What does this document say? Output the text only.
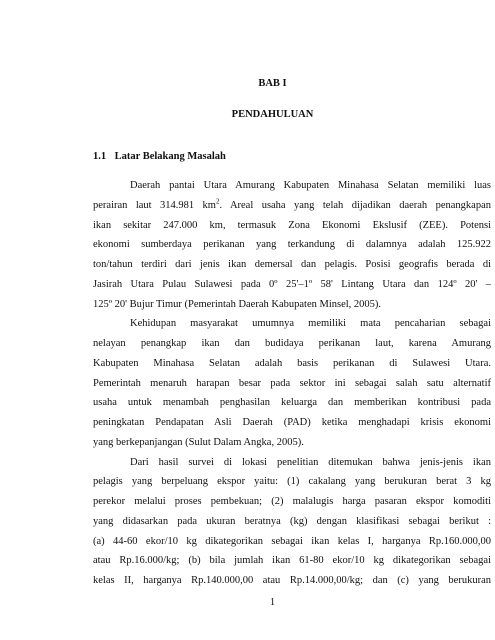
BAB I
PENDAHULUAN
1.1 Latar Belakang Masalah
Daerah pantai Utara Amurang Kabupaten Minahasa Selatan memiliki luas
perairan laut 314.981 $km^2$. Areal usaha yang telah dijadikan daerah penangkapan
ikan sekitar 247.000 km, termasuk Zona Ekonomi Ekslusif (ZEE). Potensi
ekonomi sumberdaya perikanan yang terkandung di dalamnya adalah 125.922
ton/tahun terdiri dari jenis ikan demersal dan pelagis. Posisi geografis berada di
Jasirah Utara Pulau Sulawesi pada 0º 25'–1º 58' Lintang Utara dan 124º 20' –
125º 20' Bujur Timur (Pemerintah Daerah Kabupaten Minsel, 2005).
Kehidupan masyarakat umumnya memiliki mata pencaharian sebagai
nelayan penangkap ikan dan budidaya perikanan laut, karena Amurang
Kabupaten Minahasa Selatan adalah basis perikanan di Sulawesi Utara.
Pemerintah menaruh harapan besar pada sektor ini sebagai salah satu alternatif
usaha untuk menambah penghasilan keluarga dan memberikan kontribusi pada
peningkatan Pendapatan Asli Daerah (PAD) ketika menghadapi krisis ekonomi
yang berkepanjangan (Sulut Dalam Angka, 2005).
Dari hasil survei di lokasi penelitian ditemukan bahwa jenis-jenis ikan
pelagis yang berpeluang ekspor yaitu: (1) cakalang yang berukuran berat 3 kg
perekor melalui proses pembekuan; (2) malalugis harga pasaran ekspor komoditi
yang didasarkan pada ukuran beratnya (kg) dengan klasifikasi sebagai berikut :
(a) 44-60 ekor/10 kg dikategorikan sebagai ikan kelas I, harganya Rp.160.000,00
atau Rp.16.000/kg; (b) bila jumlah ikan 61-80 ekor/10 kg dikategorikan sebagai
kelas II, harganya Rp.140.000,00 atau Rp.14.000,00/kg; dan (c) yang berukuran
1
